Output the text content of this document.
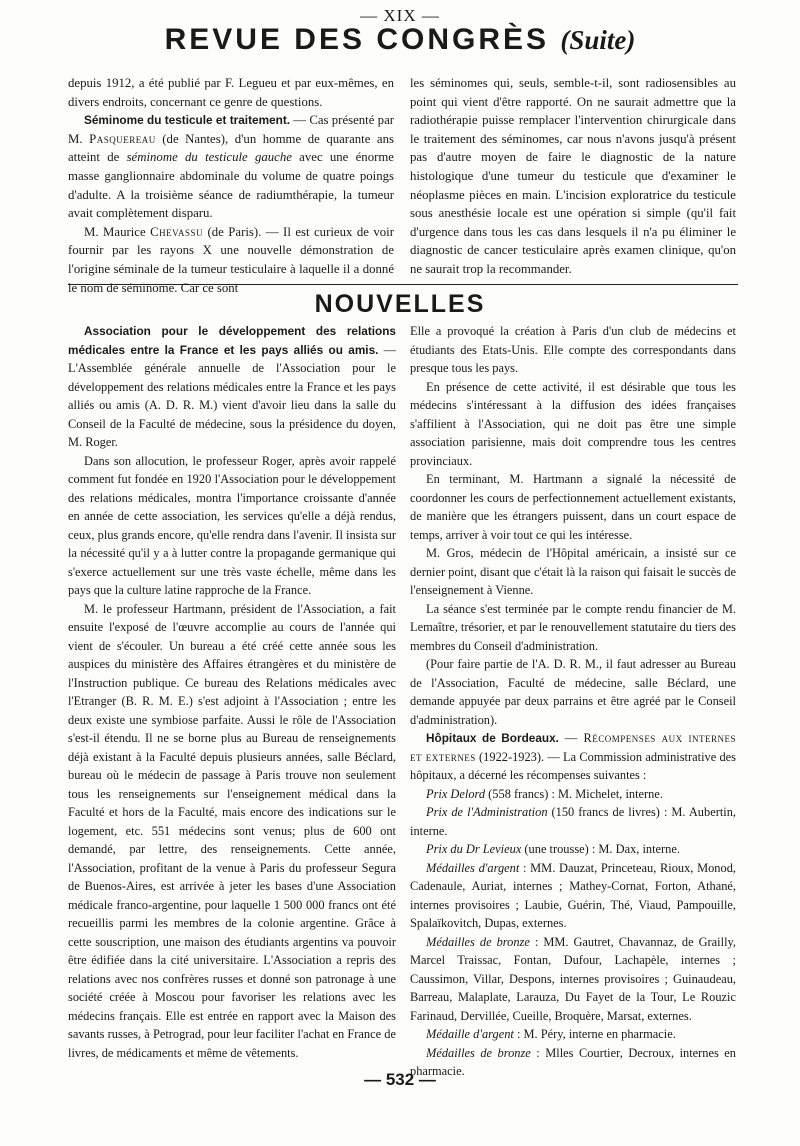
— XIX —
REVUE DES CONGRÈS (Suite)

depuis 1912, a été publié par F. Legueu et par eux-mêmes, en divers endroits, concernant ce genre de questions.

Séminome du testicule et traitement. — Cas présenté par M. Pasquereau (de Nantes), d'un homme de quarante ans atteint de séminome du testicule gauche avec une énorme masse ganglionnaire abdominale du volume de quatre poings d'adulte. A la troisième séance de radiumthérapie, la tumeur avait complètement disparu.

M. Maurice Chevassu (de Paris). — Il est curieux de voir fournir par les rayons X une nouvelle démonstration de l'origine séminale de la tumeur testiculaire à laquelle il a donné le nom de séminome. Car ce sont

les séminomes qui, seuls, semble-t-il, sont radiosensibles au point qui vient d'être rapporté. On ne saurait admettre que la radiothérapie puisse remplacer l'intervention chirurgicale dans le traitement des séminomes, car nous n'avons jusqu'à présent pas d'autre moyen de faire le diagnostic de la nature histologique d'une tumeur du testicule que d'examiner le néoplasme pièces en main. L'incision exploratrice du testicule sous anesthésie locale est une opération si simple (qu'il fait d'urgence dans tous les cas dans lesquels il n'a pu éliminer le diagnostic de cancer testiculaire après examen clinique, qu'on ne saurait trop la recommander.

NOUVELLES

Association pour le développement des relations médicales entre la France et les pays alliés ou amis. — L'Assemblée générale annuelle de l'Association pour le développement des relations médicales entre la France et les pays alliés ou amis (A. D. R. M.) vient d'avoir lieu dans la salle du Conseil de la Faculté de médecine, sous la présidence du doyen, M. Roger.

Dans son allocution, le professeur Roger, après avoir rappelé comment fut fondée en 1920 l'Association pour le développement des relations médicales, montra l'importance croissante d'année en année de cette association, les services qu'elle a déjà rendus, ceux, plus grands encore, qu'elle rendra dans l'avenir. Il insista sur la nécessité qu'il y a à lutter contre la propagande germanique qui s'exerce actuellement sur une très vaste échelle, même dans les pays que la culture latine rapproche de la France.

M. le professeur Hartmann, président de l'Association, a fait ensuite l'exposé de l'œuvre accomplie au cours de l'année qui vient de s'écouler. Un bureau a été créé cette année sous les auspices du ministère des Affaires étrangères et du ministère de l'Instruction publique. Ce bureau des Relations médicales avec l'Etranger (B. R. M. E.) s'est adjoint à l'Association ; entre les deux existe une symbiose parfaite. Aussi le rôle de l'Association s'est-il étendu. Il ne se borne plus au Bureau de renseignements déjà existant à la Faculté depuis plusieurs années, salle Béclard, bureau où le médecin de passage à Paris trouve non seulement tous les renseignements sur l'enseignement médical dans la Faculté et hors de la Faculté, mais encore des indications sur le logement, etc. 551 médecins sont venus; plus de 600 ont demandé, par lettre, des renseignements. Cette année, l'Association, profitant de la venue à Paris du professeur Segura de Buenos-Aires, est arrivée à jeter les bases d'une Association médicale franco-argentine, pour laquelle 1 500 000 francs ont été recueillis parmi les membres de la colonie argentine. Grâce à cette souscription, une maison des étudiants argentins va pouvoir être édifiée dans la cité universitaire. L'Association a repris des relations avec nos confrères russes et donné son patronage à une société créée à Moscou pour favoriser les relations avec les médecins français. Elle est entrée en rapport avec la Maison des savants russes, à Petrograd, pour leur faciliter l'achat en France de livres, de médicaments et même de vêtements.

Elle a provoqué la création à Paris d'un club de médecins et étudiants des Etats-Unis. Elle compte des correspondants dans presque tous les pays.

En présence de cette activité, il est désirable que tous les médecins s'intéressant à la diffusion des idées françaises s'affilient à l'Association, qui ne doit pas être une simple association parisienne, mais doit comprendre tous les centres provinciaux.

En terminant, M. Hartmann a signalé la nécessité de coordonner les cours de perfectionnement actuellement existants, de manière que les étrangers puissent, dans un court espace de temps, arriver à voir tout ce qui les intéresse.

M. Gros, médecin de l'Hôpital américain, a insisté sur ce dernier point, disant que c'était là la raison qui faisait le succès de l'enseignement à Vienne.

La séance s'est terminée par le compte rendu financier de M. Lemaître, trésorier, et par le renouvellement statutaire du tiers des membres du Conseil d'administration.

(Pour faire partie de l'A. D. R. M., il faut adresser au Bureau de l'Association, Faculté de médecine, salle Béclard, une demande appuyée par deux parrains et être agréé par le Conseil d'administration).

Hôpitaux de Bordeaux. — Récompenses aux internes et externes (1922-1923). — La Commission administrative des hôpitaux, a décerné les récompenses suivantes :

Prix Delord (558 francs) : M. Michelet, interne.

Prix de l'Administration (150 francs de livres) : M. Aubertin, interne.

Prix du Dr Levieux (une trousse) : M. Dax, interne.

Médailles d'argent : MM. Dauzat, Princeteau, Rioux, Monod, Cadenaule, Auriat, internes ; Mathey-Cornat, Forton, Athané, internes provisoires ; Laubie, Guérin, Thé, Viaud, Pampouille, Spalaïkovitch, Dupas, externes.

Médailles de bronze : MM. Gautret, Chavannaz, de Grailly, Marcel Traissac, Fontan, Dufour, Lachapèle, internes ; Caussimon, Villar, Despons, internes provisoires ; Guinaudeau, Barreau, Malaplate, Larauza, Du Fayet de la Tour, Le Rouzic Farinaud, Dervillée, Cueille, Broquère, Marsat, externes.

Médaille d'argent : M. Péry, interne en pharmacie.

Médailles de bronze : Mlles Courtier, Decroux, internes en pharmacie.

— 532 —
